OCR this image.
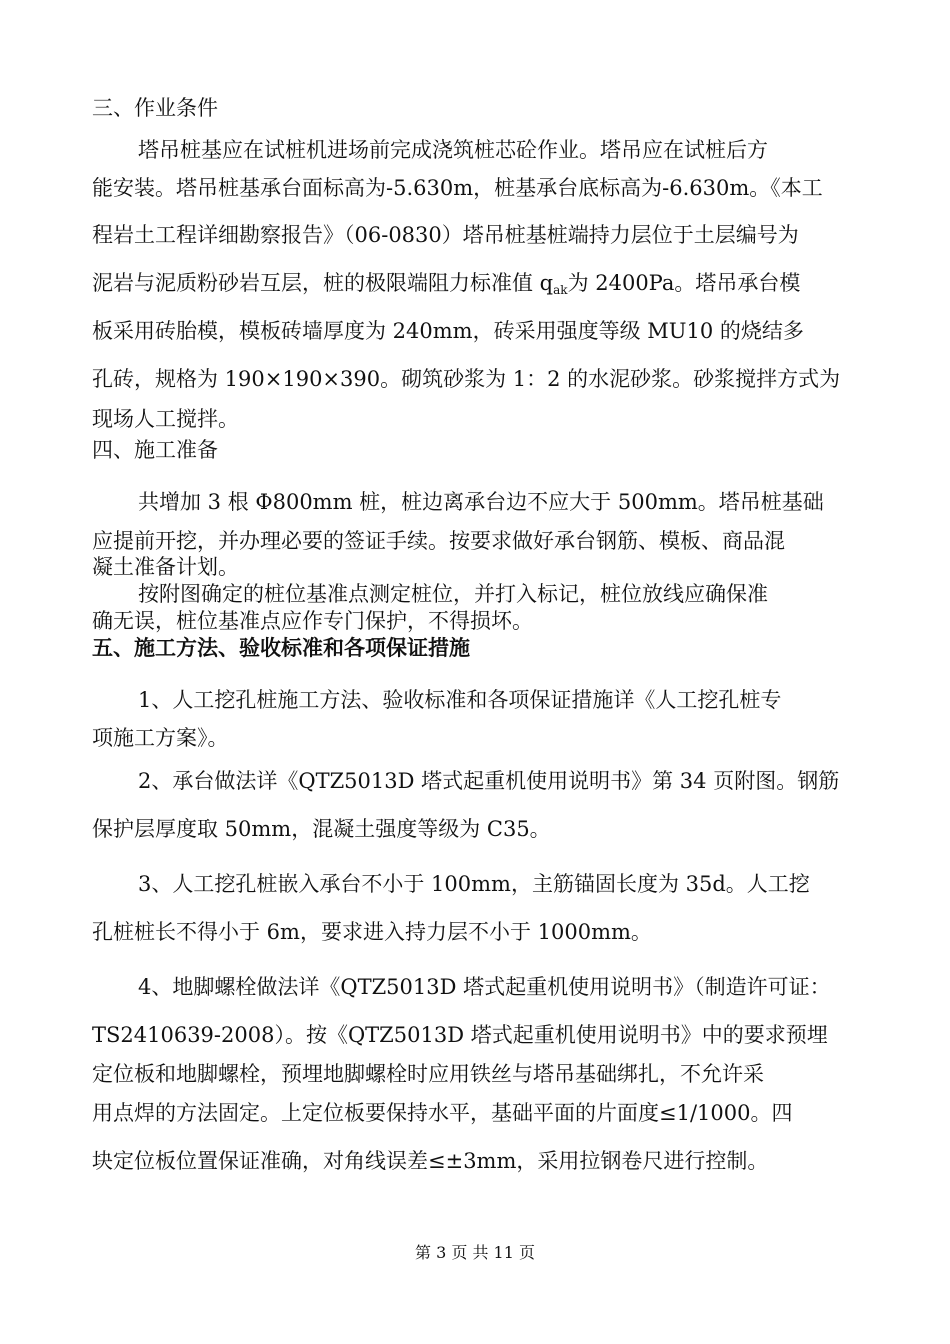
三、作业条件
塔吊桩基应在试桩机进场前完成浇筑桩芯砼作业。塔吊应在试桩后方
能安装。塔吊桩基承台面标高为-5.630m，桩基承台底标高为-6.630m。《本工
程岩土工程详细勘察报告》（06-0830）塔吊桩基桩端持力层位于土层编号为
泥岩与泥质粉砂岩互层，桩的极限端阻力标准值 $q_{ak}$为 2400Pa。塔吊承台模
板采用砖胎模，模板砖墙厚度为 240mm，砖采用强度等级 MU10 的烧结多
孔砖，规格为 190×190×390。砌筑砂浆为 1：2 的水泥砂浆。砂浆搅拌方式为
现场人工搅拌。
四、施工准备
共增加 3 根 Φ800mm 桩，桩边离承台边不应大于 500mm。塔吊桩基础
应提前开挖，并办理必要的签证手续。按要求做好承台钢筋、模板、商品混
凝土准备计划。
按附图确定的桩位基准点测定桩位，并打入标记，桩位放线应确保准
确无误，桩位基准点应作专门保护，不得损坏。
五、施工方法、验收标准和各项保证措施
1、人工挖孔桩施工方法、验收标准和各项保证措施详《人工挖孔桩专
项施工方案》。
2、承台做法详《QTZ5013D 塔式起重机使用说明书》第 34 页附图。钢筋
保护层厚度取 50mm，混凝土强度等级为 C35。
3、人工挖孔桩嵌入承台不小于 100mm，主筋锚固长度为 35d。人工挖
孔桩桩长不得小于 6m，要求进入持力层不小于 1000mm。
4、地脚螺栓做法详《QTZ5013D 塔式起重机使用说明书》（制造许可证：
TS2410639-2008）。按《QTZ5013D 塔式起重机使用说明书》中的要求预埋
定位板和地脚螺栓，预埋地脚螺栓时应用铁丝与塔吊基础绑扎，不允许采
用点焊的方法固定。上定位板要保持水平，基础平面的片面度≤1/1000。四
块定位板位置保证准确，对角线误差≤±3mm，采用拉钢卷尺进行控制。
第 3 页 共 11 页
